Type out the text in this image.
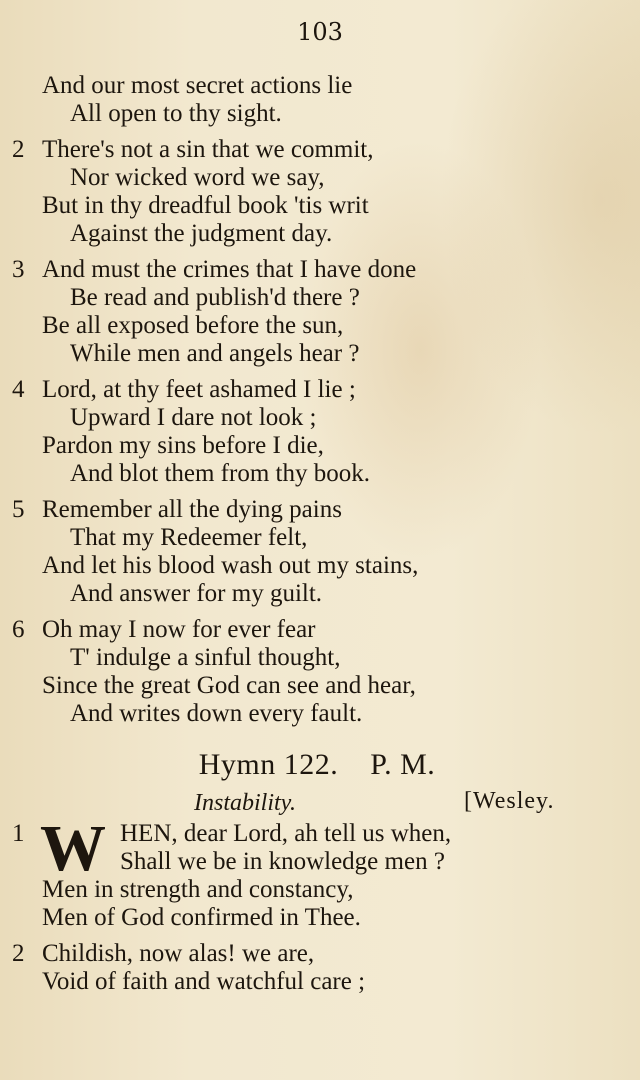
103
And our most secret actions lie
All open to thy sight.
2 There's not a sin that we commit,
Nor wicked word we say,
But in thy dreadful book 'tis writ
Against the judgment day.
3 And must the crimes that I have done
Be read and publish'd there ?
Be all exposed before the sun,
While men and angels hear ?
4 Lord, at thy feet ashamed I lie ;
Upward I dare not look ;
Pardon my sins before I die,
And blot them from thy book.
5 Remember all the dying pains
That my Redeemer felt,
And let his blood wash out my stains,
And answer for my guilt.
6 Oh may I now for ever fear
T' indulge a sinful thought,
Since the great God can see and hear,
And writes down every fault.
Hymn 122.    P. M.
Instability.	[Wesley.
1 W HEN, dear Lord, ah tell us when,
Shall we be in knowledge men ?
Men in strength and constancy,
Men of God confirmed in Thee.
2 Childish, now alas! we are,
Void of faith and watchful care ;
